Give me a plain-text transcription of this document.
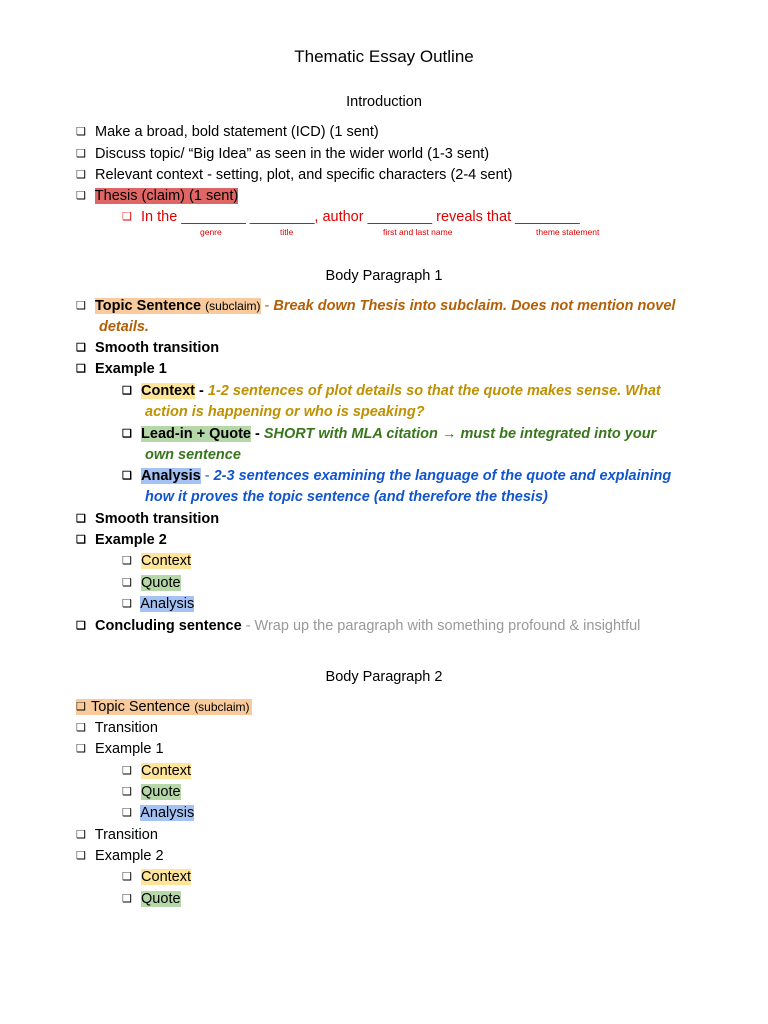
Thematic Essay Outline
Introduction
❑ Make a broad, bold statement (ICD) (1 sent)
❑ Discuss topic/ “Big Idea” as seen in the wider world (1-3 sent)
❑ Relevant context - setting, plot, and specific characters (2-4 sent)
❑ Thesis (claim) (1 sent)
❑ In the ________ ________, author ________ reveals that ________
genre	title	first and last name	theme statement
Body Paragraph 1
❑ Topic Sentence (subclaim) - Break down Thesis into subclaim. Does not mention novel
details.
❑ Smooth transition
❑ Example 1
❑ Context - 1-2 sentences of plot details so that the quote makes sense. What
action is happening or who is speaking?
❑ Lead-in + Quote - SHORT with MLA citation → must be integrated into your
own sentence
❑ Analysis - 2-3 sentences examining the language of the quote and explaining
how it proves the topic sentence (and therefore the thesis)
❑ Smooth transition
❑ Example 2
❑ Context
❑ Quote
❑ Analysis
❑ Concluding sentence - Wrap up the paragraph with something profound & insightful
Body Paragraph 2
❑ Topic Sentence (subclaim)
❑ Transition
❑ Example 1
❑ Context
❑ Quote
❑ Analysis
❑ Transition
❑ Example 2
❑ Context
❑ Quote
